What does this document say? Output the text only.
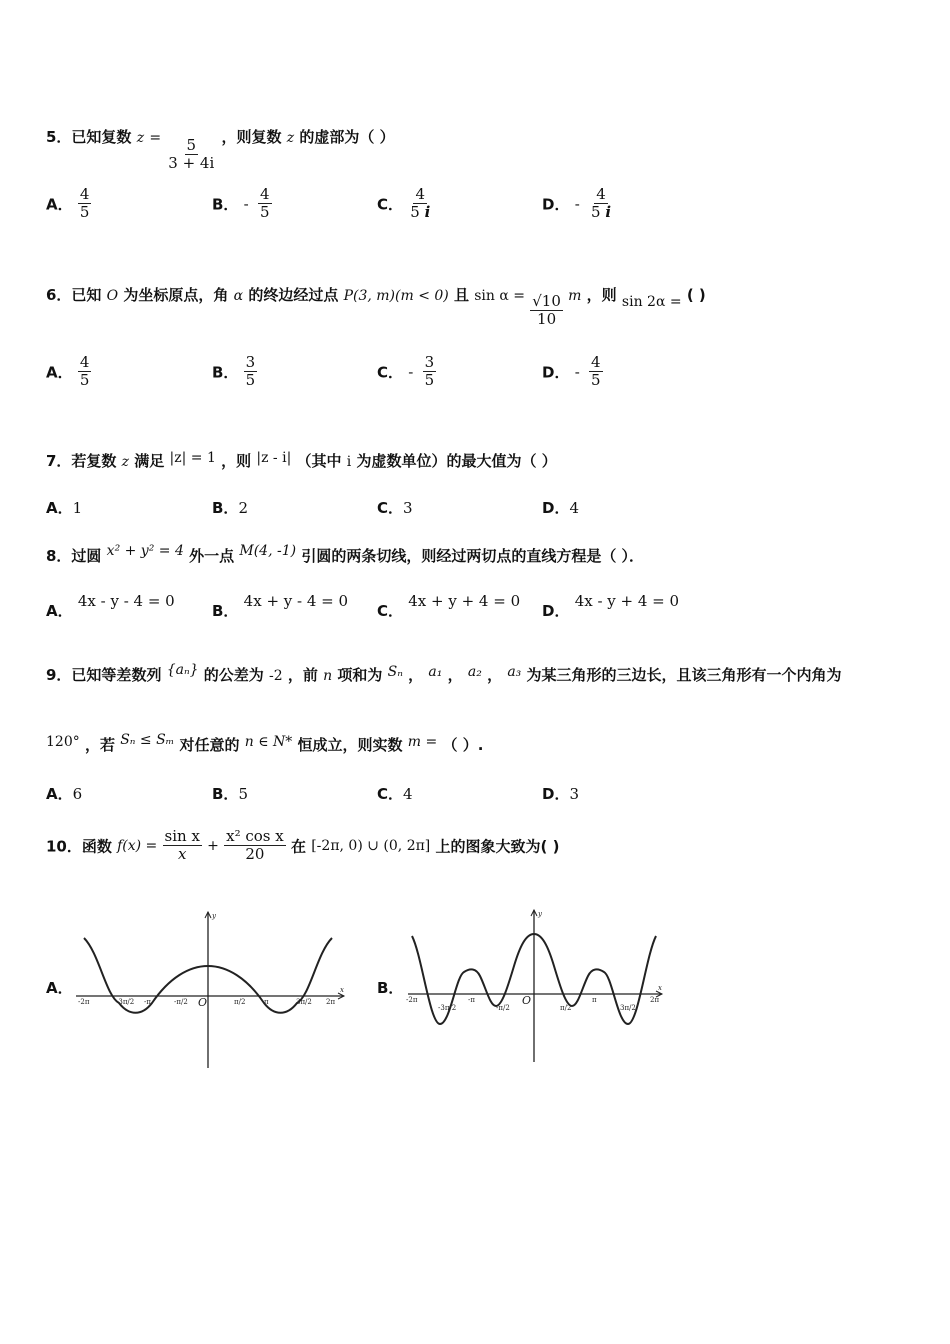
5．已知复数 $z = \frac{5}{3 + 4i}$ ，则复数 z 的虚部为（ ）
A． $\frac{4}{5}$	B． - $\frac{4}{5}$	C． $\frac{4}{5 i}$	D． - $\frac{4}{5 i}$
6．已知 O 为坐标原点，角 α 的终边经过点 P(3, m)(m < 0) 且 $\sin \alpha = \frac{√10}{10}$ m ，则 sin 2α = ( )
A． $\frac{4}{5}$	B． $\frac{3}{5}$	C． - $\frac{3}{5}$	D． - $\frac{4}{5}$
7．若复数 z 满足 |z| = 1 ，则 |z - i| （其中 i 为虚数单位）的最大值为（ ）
A．1	B．2	C．3	D．4
8．过圆 x² + y² = 4 外一点 M(4, -1) 引圆的两条切线，则经过两切点的直线方程是（ ）．
A． 4x - y - 4 = 0
B． 4x + y - 4 = 0
C． 4x + y + 4 = 0
D． 4x - y + 4 = 0
9．已知等差数列 {aₙ} 的公差为 -2 ，前 n 项和为 Sₙ ， a₁ ， a₂ ， a₃ 为某三角形的三边长，且该三角形有一个内角为
120° ，若 Sₙ ≤ Sₘ 对任意的 n ∈ N* 恒成立，则实数 m = （ ）.
A．6	B．5	C．4	D．3
10．函数 $f(x) = \frac{\text{sin x}}{x} + \frac{\text{x² cos x}}{20}$ 在 [-2π, 0) ∪ (0, 2π] 上的图象大致为( )
A．	B．
-2π	-3π/2 -π	-π/2 O	π/2	π	3π/2 2π
x
y
-2π
-3π/2
-π
-π/2
O
π/2
π
3π/2
2π
x
y
